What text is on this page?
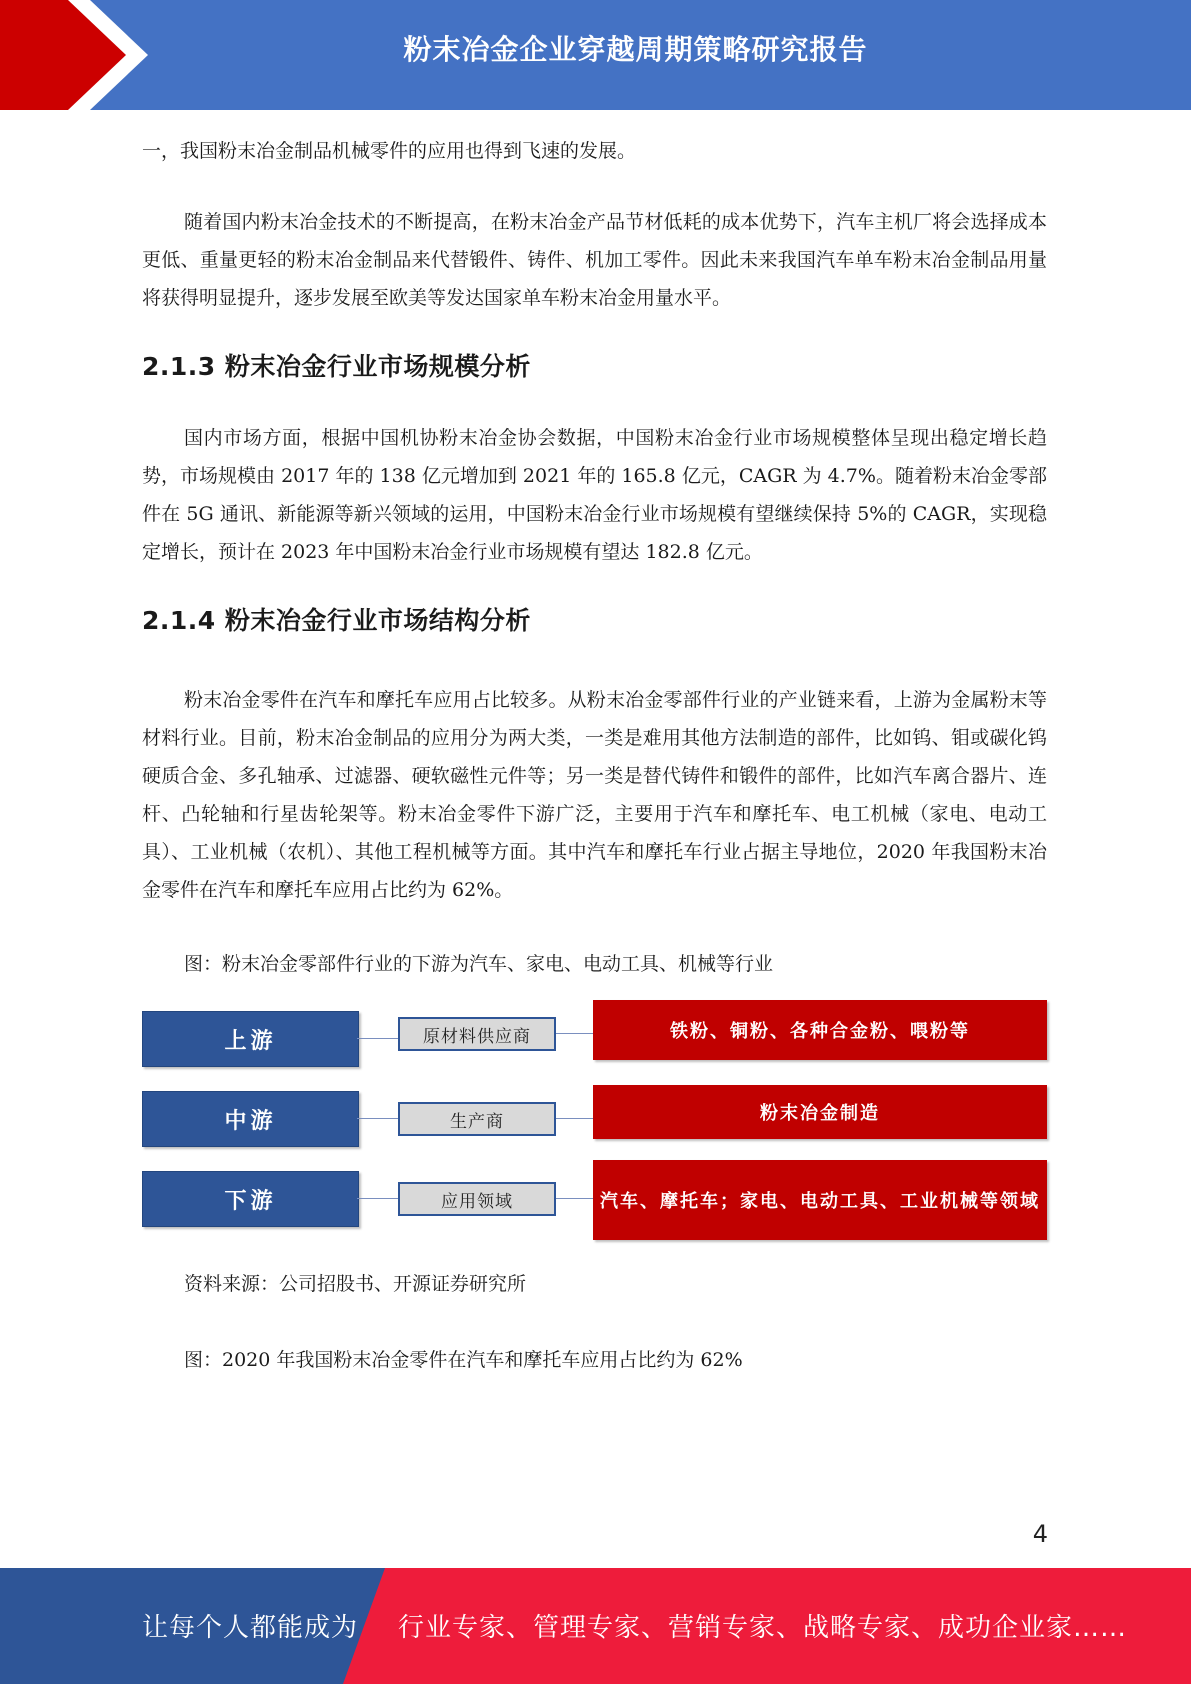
粉末冶金企业穿越周期策略研究报告

一，我国粉末冶金制品机械零件的应用也得到飞速的发展。

随着国内粉末冶金技术的不断提高，在粉末冶金产品节材低耗的成本优势下，汽车主机厂将会选择成本更低、重量更轻的粉末冶金制品来代替锻件、铸件、机加工零件。因此未来我国汽车单车粉末冶金制品用量将获得明显提升，逐步发展至欧美等发达国家单车粉末冶金用量水平。

2.1.3 粉末冶金行业市场规模分析

国内市场方面，根据中国机协粉末冶金协会数据，中国粉末冶金行业市场规模整体呈现出稳定增长趋势，市场规模由 2017 年的 138 亿元增加到 2021 年的 165.8 亿元，CAGR 为 4.7%。随着粉末冶金零部件在 5G 通讯、新能源等新兴领域的运用，中国粉末冶金行业市场规模有望继续保持 5%的 CAGR，实现稳定增长，预计在 2023 年中国粉末冶金行业市场规模有望达 182.8 亿元。

2.1.4 粉末冶金行业市场结构分析

粉末冶金零件在汽车和摩托车应用占比较多。从粉末冶金零部件行业的产业链来看，上游为金属粉末等材料行业。目前，粉末冶金制品的应用分为两大类，一类是难用其他方法制造的部件，比如钨、钼或碳化钨硬质合金、多孔轴承、过滤器、硬软磁性元件等；另一类是替代铸件和锻件的部件，比如汽车离合器片、连杆、凸轮轴和行星齿轮架等。粉末冶金零件下游广泛，主要用于汽车和摩托车、电工机械（家电、电动工具）、工业机械（农机）、其他工程机械等方面。其中汽车和摩托车行业占据主导地位，2020 年我国粉末冶金零件在汽车和摩托车应用占比约为 62%。

图：粉末冶金零部件行业的下游为汽车、家电、电动工具、机械等行业

上游	原材料供应商	铁粉、铜粉、各种合金粉、喂粉等
中游	生产商	粉末冶金制造
下游	应用领域	汽车、摩托车；家电、电动工具、工业机械等领域

资料来源：公司招股书、开源证券研究所

图：2020 年我国粉末冶金零件在汽车和摩托车应用占比约为 62%

4
让每个人都能成为 行业专家、管理专家、营销专家、战略专家、成功企业家……
